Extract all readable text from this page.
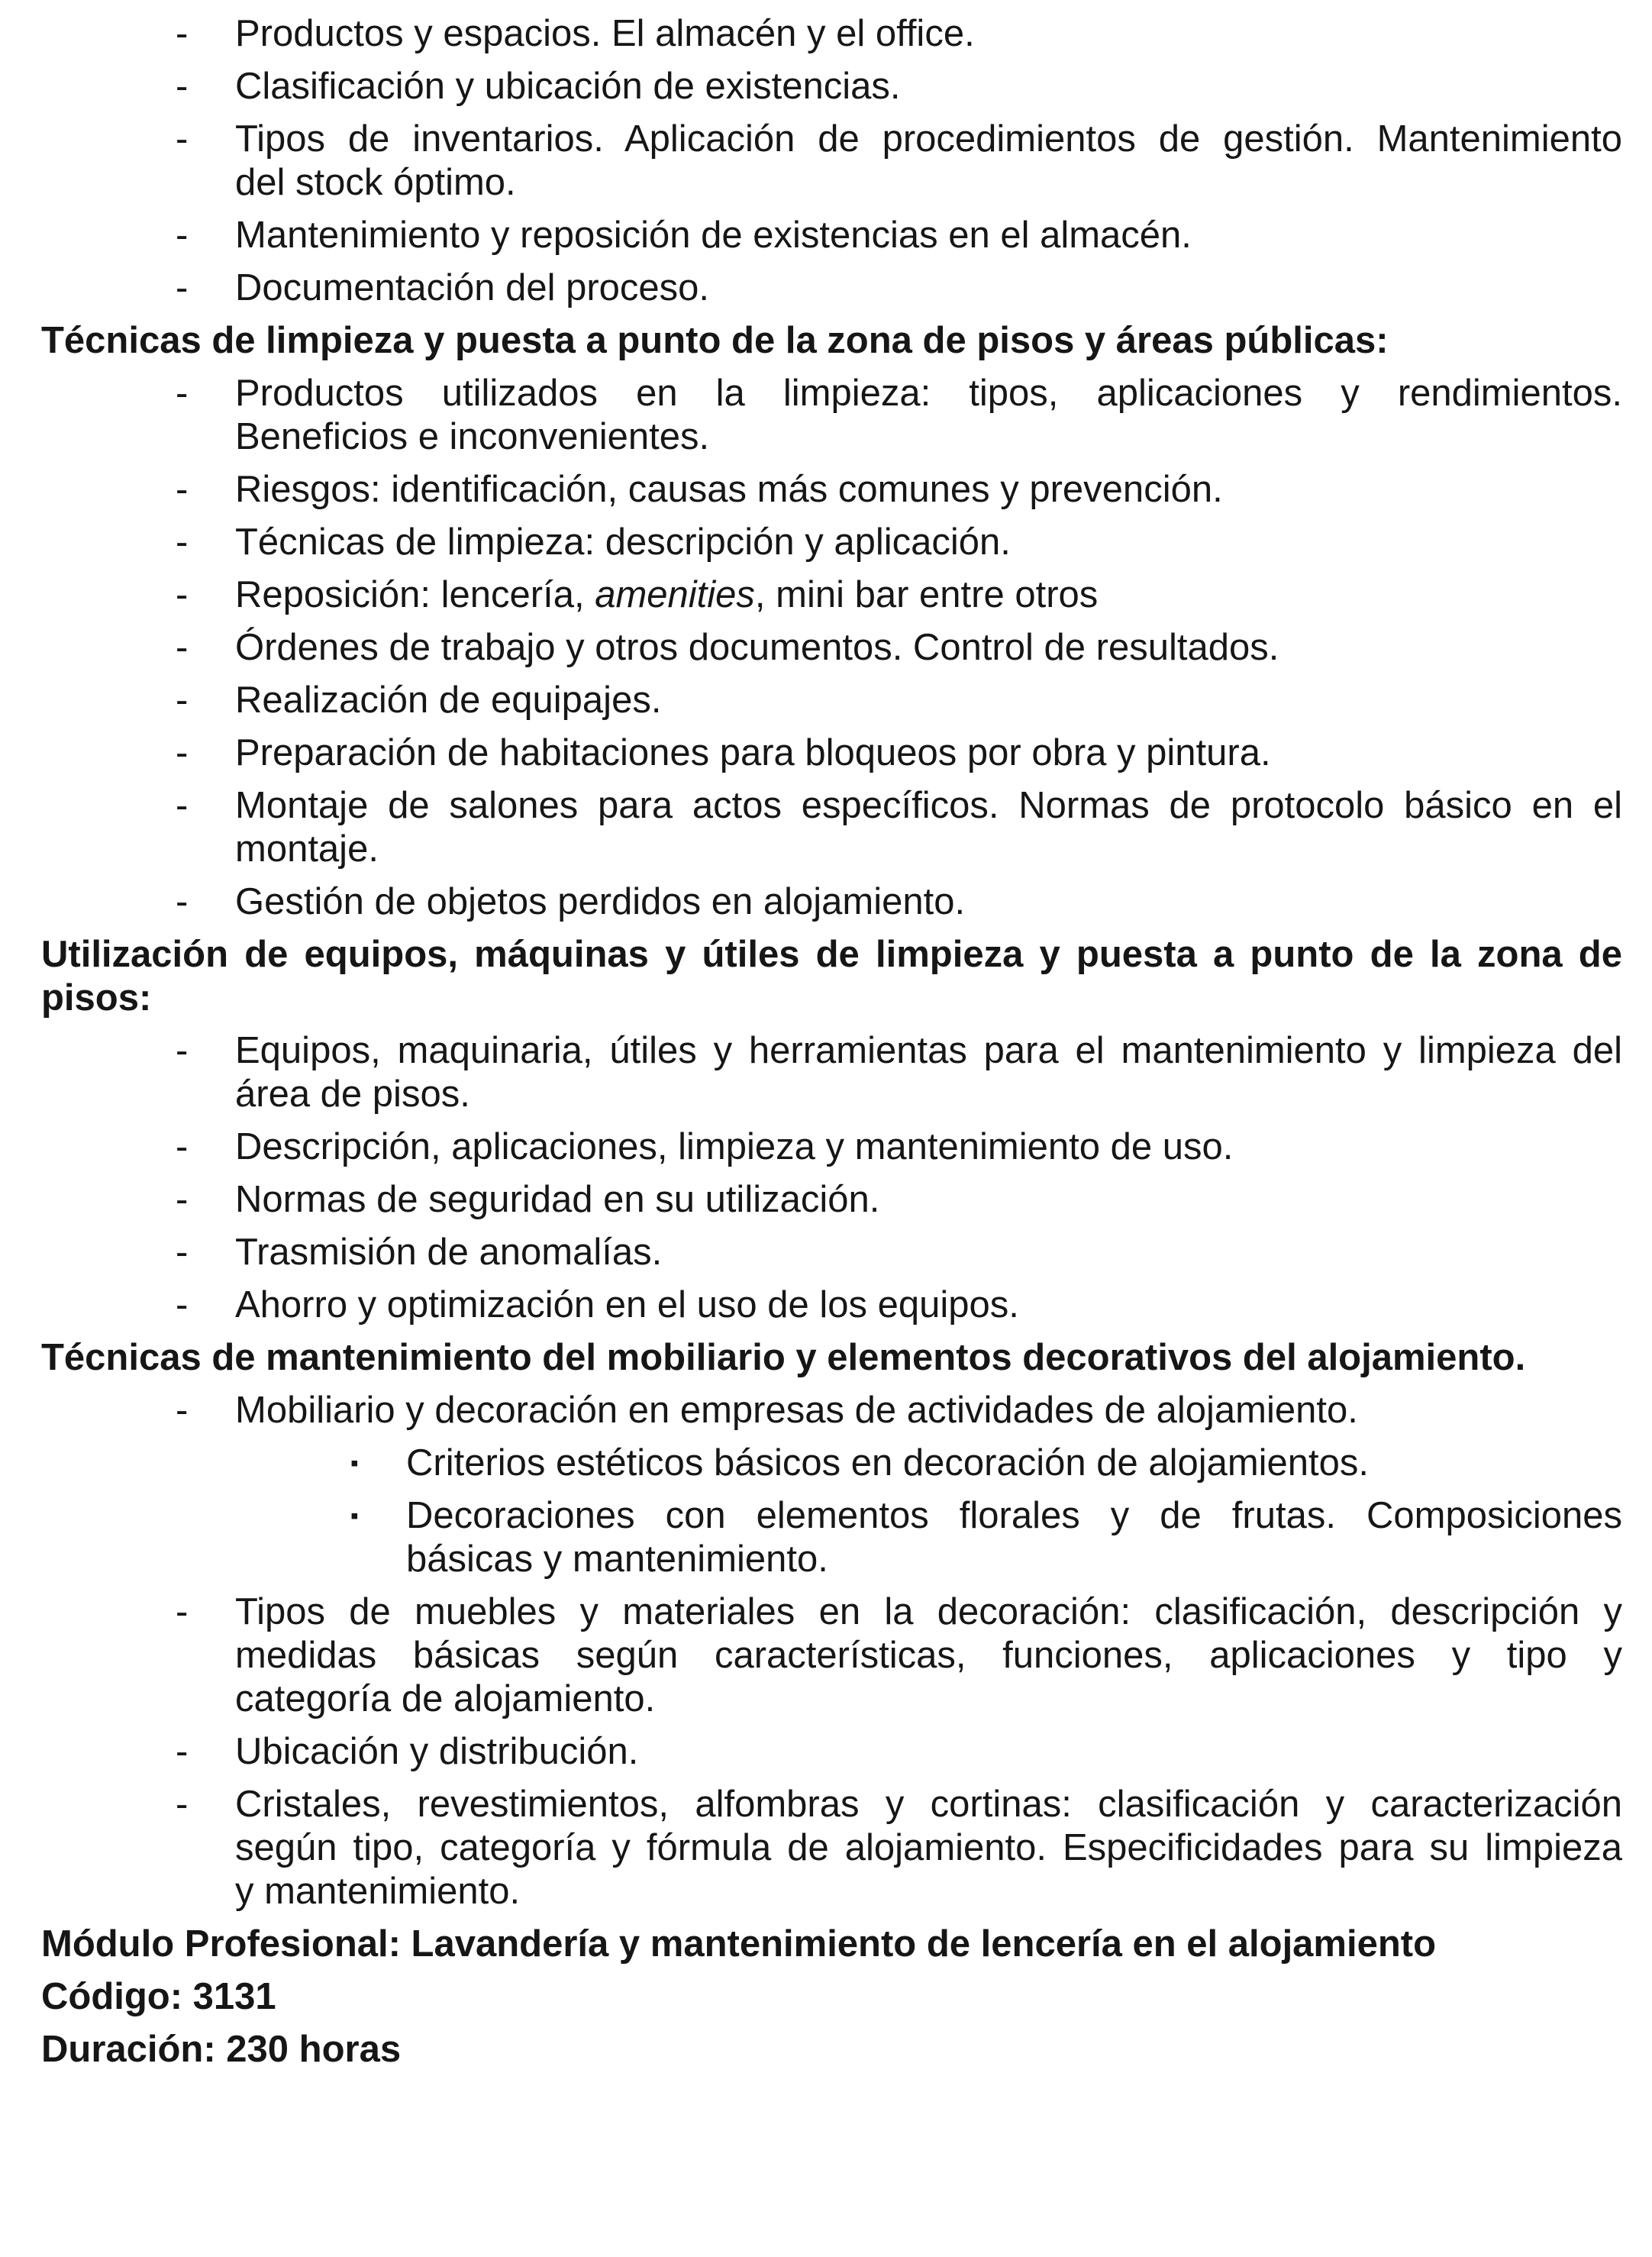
- Productos y espacios. El almacén y el office.
- Clasificación y ubicación de existencias.
- Tipos de inventarios. Aplicación de procedimientos de gestión. Mantenimiento
del stock óptimo.
- Mantenimiento y reposición de existencias en el almacén.
- Documentación del proceso.
Técnicas de limpieza y puesta a punto de la zona de pisos y áreas públicas:
- Productos utilizados en la limpieza: tipos, aplicaciones y rendimientos.
Beneficios e inconvenientes.
- Riesgos: identificación, causas más comunes y prevención.
- Técnicas de limpieza: descripción y aplicación.
- Reposición: lencería, amenities, mini bar entre otros
- Órdenes de trabajo y otros documentos. Control de resultados.
- Realización de equipajes.
- Preparación de habitaciones para bloqueos por obra y pintura.
- Montaje de salones para actos específicos. Normas de protocolo básico en el
montaje.
- Gestión de objetos perdidos en alojamiento.
Utilización de equipos, máquinas y útiles de limpieza y puesta a punto de la zona de
pisos:
- Equipos, maquinaria, útiles y herramientas para el mantenimiento y limpieza del
área de pisos.
- Descripción, aplicaciones, limpieza y mantenimiento de uso.
- Normas de seguridad en su utilización.
- Trasmisión de anomalías.
- Ahorro y optimización en el uso de los equipos.
Técnicas de mantenimiento del mobiliario y elementos decorativos del alojamiento.
- Mobiliario y decoración en empresas de actividades de alojamiento.
▪ Criterios estéticos básicos en decoración de alojamientos.
▪ Decoraciones con elementos florales y de frutas. Composiciones
básicas y mantenimiento.
- Tipos de muebles y materiales en la decoración: clasificación, descripción y
medidas básicas según características, funciones, aplicaciones y tipo y
categoría de alojamiento.
- Ubicación y distribución.
- Cristales, revestimientos, alfombras y cortinas: clasificación y caracterización
según tipo, categoría y fórmula de alojamiento. Especificidades para su limpieza
y mantenimiento.
Módulo Profesional: Lavandería y mantenimiento de lencería en el alojamiento
Código: 3131
Duración: 230 horas
